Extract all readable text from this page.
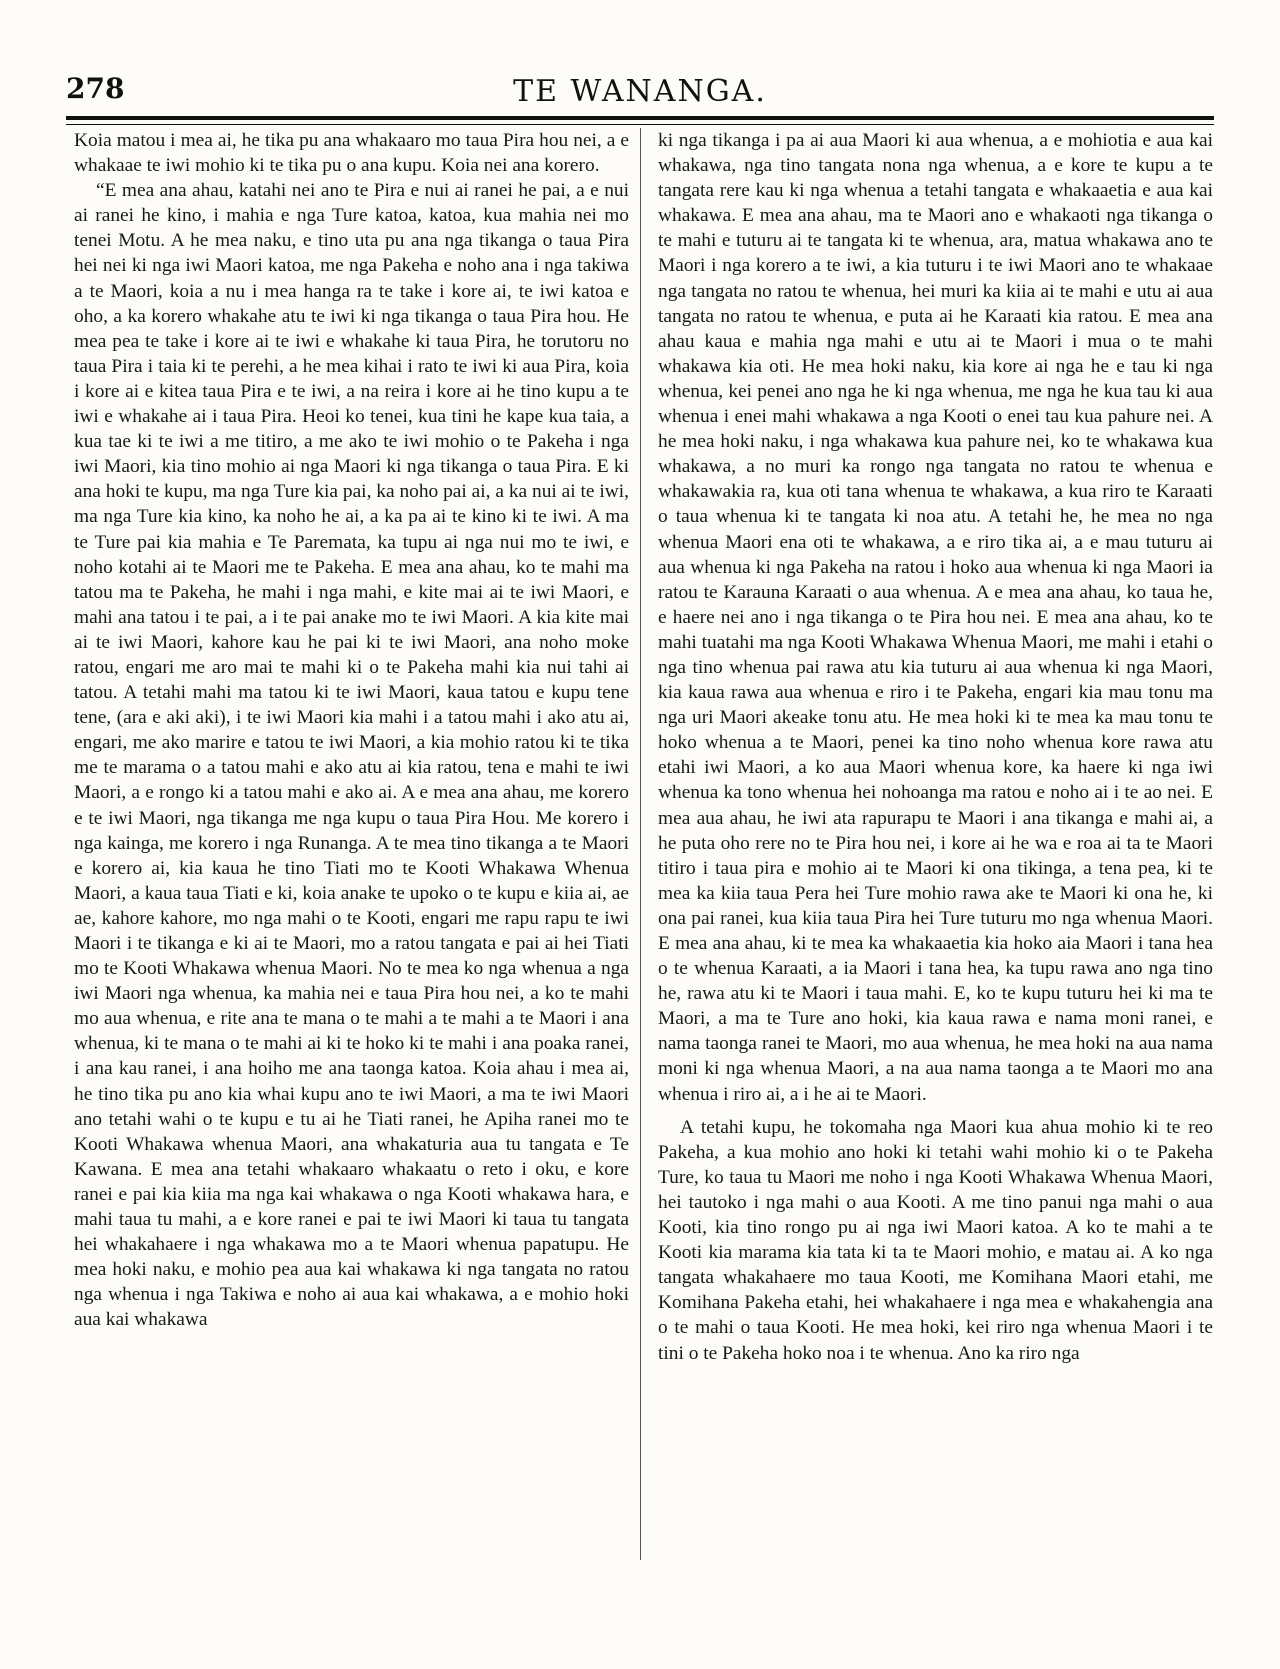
278	TE WANANGA.

Koia matou i mea ai, he tika pu ana whakaaro mo taua Pira hou nei, a e whakaae te iwi mohio ki te tika pu o ana kupu. Koia nei ana korero.

“E mea ana ahau, katahi nei ano te Pira e nui ai ranei he pai, a e nui ai ranei he kino, i mahia e nga Ture katoa, katoa, kua mahia nei mo tenei Motu. A he mea naku, e tino uta pu ana nga tikanga o taua Pira hei nei ki nga iwi Maori katoa, me nga Pakeha e noho ana i nga takiwa a te Maori, koia a nu i mea hanga ra te take i kore ai, te iwi katoa e oho, a ka korero whakahe atu te iwi ki nga tikanga o taua Pira hou. He mea pea te take i kore ai te iwi e whakahe ki taua Pira, he torutoru no taua Pira i taia ki te perehi, a he mea kihai i rato te iwi ki aua Pira, koia i kore ai e kitea taua Pira e te iwi, a na reira i kore ai he tino kupu a te iwi e whakahe ai i taua Pira. Heoi ko tenei, kua tini he kape kua taia, a kua tae ki te iwi a me titiro, a me ako te iwi mohio o te Pakeha i nga iwi Maori, kia tino mohio ai nga Maori ki nga tikanga o taua Pira. E ki ana hoki te kupu, ma nga Ture kia pai, ka noho pai ai, a ka nui ai te iwi, ma nga Ture kia kino, ka noho he ai, a ka pa ai te kino ki te iwi. A ma te Ture pai kia mahia e Te Paremata, ka tupu ai nga nui mo te iwi, e noho kotahi ai te Maori me te Pakeha. E mea ana ahau, ko te mahi ma tatou ma te Pakeha, he mahi i nga mahi, e kite mai ai te iwi Maori, e mahi ana tatou i te pai, a i te pai anake mo te iwi Maori. A kia kite mai ai te iwi Maori, kahore kau he pai ki te iwi Maori, ana noho moke ratou, engari me aro mai te mahi ki o te Pakeha mahi kia nui tahi ai tatou. A tetahi mahi ma tatou ki te iwi Maori, kaua tatou e kupu tene tene, (ara e aki aki), i te iwi Maori kia mahi i a tatou mahi i ako atu ai, engari, me ako marire e tatou te iwi Maori, a kia mohio ratou ki te tika me te marama o a tatou mahi e ako atu ai kia ratou, tena e mahi te iwi Maori, a e rongo ki a tatou mahi e ako ai. A e mea ana ahau, me korero e te iwi Maori, nga tikanga me nga kupu o taua Pira Hou. Me korero i nga kainga, me korero i nga Runanga. A te mea tino tikanga a te Maori e korero ai, kia kaua he tino Tiati mo te Kooti Whakawa Whenua Maori, a kaua taua Tiati e ki, koia anake te upoko o te kupu e kiia ai, ae ae, kahore kahore, mo nga mahi o te Kooti, engari me rapu rapu te iwi Maori i te tikanga e ki ai te Maori, mo a ratou tangata e pai ai hei Tiati mo te Kooti Whakawa whenua Maori. No te mea ko nga whenua a nga iwi Maori nga whenua, ka mahia nei e taua Pira hou nei, a ko te mahi mo aua whenua, e rite ana te mana o te mahi a te mahi a te Maori i ana whenua, ki te mana o te mahi ai ki te hoko ki te mahi i ana poaka ranei, i ana kau ranei, i ana hoiho me ana taonga katoa. Koia ahau i mea ai, he tino tika pu ano kia whai kupu ano te iwi Maori, a ma te iwi Maori ano tetahi wahi o te kupu e tu ai he Tiati ranei, he Apiha ranei mo te Kooti Whakawa whenua Maori, ana whakaturia aua tu tangata e Te Kawana. E mea ana tetahi whakaaro whakaatu o reto i oku, e kore ranei e pai kia kiia ma nga kai whakawa o nga Kooti whakawa hara, e mahi taua tu mahi, a e kore ranei e pai te iwi Maori ki taua tu tangata hei whakahaere i nga whakawa mo a te Maori whenua papatupu. He mea hoki naku, e mohio pea aua kai whakawa ki nga tangata no ratou nga whenua i nga Takiwa e noho ai aua kai whakawa, a e mohio hoki aua kai whakawa

ki nga tikanga i pa ai aua Maori ki aua whenua, a e mohiotia e aua kai whakawa, nga tino tangata nona nga whenua, a e kore te kupu a te tangata rere kau ki nga whenua a tetahi tangata e whakaaetia e aua kai whakawa. E mea ana ahau, ma te Maori ano e whakaoti nga tikanga o te mahi e tuturu ai te tangata ki te whenua, ara, matua whakawa ano te Maori i nga korero a te iwi, a kia tuturu i te iwi Maori ano te whakaae nga tangata no ratou te whenua, hei muri ka kiia ai te mahi e utu ai aua tangata no ratou te whenua, e puta ai he Karaati kia ratou. E mea ana ahau kaua e mahia nga mahi e utu ai te Maori i mua o te mahi whakawa kia oti. He mea hoki naku, kia kore ai nga he e tau ki nga whenua, kei penei ano nga he ki nga whenua, me nga he kua tau ki aua whenua i enei mahi whakawa a nga Kooti o enei tau kua pahure nei. A he mea hoki naku, i nga whakawa kua pahure nei, ko te whakawa kua whakawa, a no muri ka rongo nga tangata no ratou te whenua e whakawakia ra, kua oti tana whenua te whakawa, a kua riro te Karaati o taua whenua ki te tangata ki noa atu. A tetahi he, he mea no nga whenua Maori ena oti te whakawa, a e riro tika ai, a e mau tuturu ai aua whenua ki nga Pakeha na ratou i hoko aua whenua ki nga Maori ia ratou te Karauna Karaati o aua whenua. A e mea ana ahau, ko taua he, e haere nei ano i nga tikanga o te Pira hou nei. E mea ana ahau, ko te mahi tuatahi ma nga Kooti Whakawa Whenua Maori, me mahi i etahi o nga tino whenua pai rawa atu kia tuturu ai aua whenua ki nga Maori, kia kaua rawa aua whenua e riro i te Pakeha, engari kia mau tonu ma nga uri Maori akeake tonu atu. He mea hoki ki te mea ka mau tonu te hoko whenua a te Maori, penei ka tino noho whenua kore rawa atu etahi iwi Maori, a ko aua Maori whenua kore, ka haere ki nga iwi whenua ka tono whenua hei nohoanga ma ratou e noho ai i te ao nei. E mea aua ahau, he iwi ata rapurapu te Maori i ana tikanga e mahi ai, a he puta oho rere no te Pira hou nei, i kore ai he wa e roa ai ta te Maori titiro i taua pira e mohio ai te Maori ki ona tikinga, a tena pea, ki te mea ka kiia taua Pera hei Ture mohio rawa ake te Maori ki ona he, ki ona pai ranei, kua kiia taua Pira hei Ture tuturu mo nga whenua Maori. E mea ana ahau, ki te mea ka whakaaetia kia hoko aia Maori i tana hea o te whenua Karaati, a ia Maori i tana hea, ka tupu rawa ano nga tino he, rawa atu ki te Maori i taua mahi. E, ko te kupu tuturu hei ki ma te Maori, a ma te Ture ano hoki, kia kaua rawa e nama moni ranei, e nama taonga ranei te Maori, mo aua whenua, he mea hoki na aua nama moni ki nga whenua Maori, a na aua nama taonga a te Maori mo ana whenua i riro ai, a i he ai te Maori.

A tetahi kupu, he tokomaha nga Maori kua ahua mohio ki te reo Pakeha, a kua mohio ano hoki ki tetahi wahi mohio ki o te Pakeha Ture, ko taua tu Maori me noho i nga Kooti Whakawa Whenua Maori, hei tautoko i nga mahi o aua Kooti. A me tino panui nga mahi o aua Kooti, kia tino rongo pu ai nga iwi Maori katoa. A ko te mahi a te Kooti kia marama kia tata ki ta te Maori mohio, e matau ai. A ko nga tangata whakahaere mo taua Kooti, me Komihana Maori etahi, me Komihana Pakeha etahi, hei whakahaere i nga mea e whakahengia ana o te mahi o taua Kooti. He mea hoki, kei riro nga whenua Maori i te tini o te Pakeha hoko noa i te whenua. Ano ka riro nga
